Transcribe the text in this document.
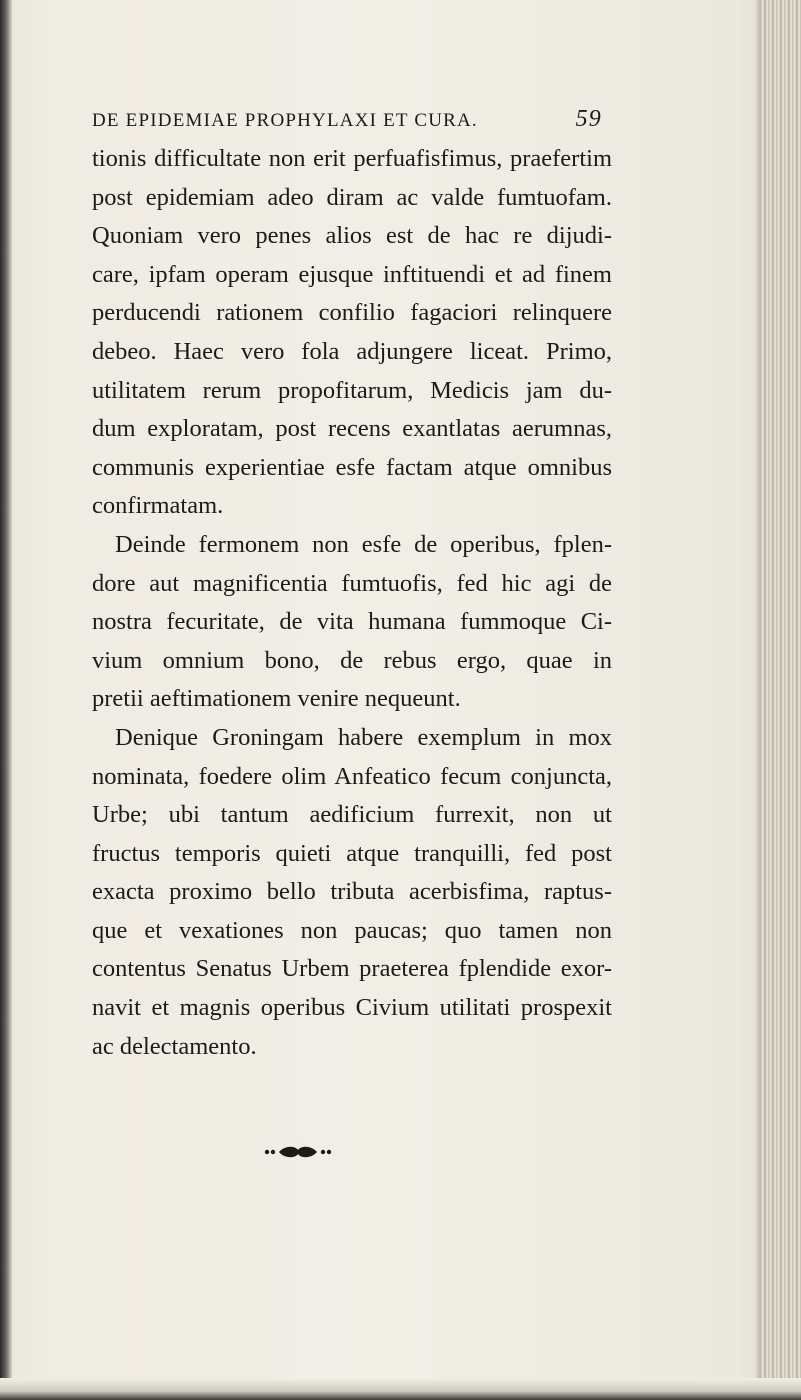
DE EPIDEMIAE PROPHYLAXI ET CURA.	59
tionis difficultate non erit perfuafisfimus, praefertim
post epidemiam adeo diram ac valde fumtuofam.
Quoniam vero penes alios est de hac re dijudi-
care, ipfam operam ejusque inftituendi et ad finem
perducendi rationem confilio fagaciori relinquere
debeo. Haec vero fola adjungere liceat. Primo,
utilitatem rerum propofitarum, Medicis jam du-
dum exploratam, post recens exantlatas aerumnas,
communis experientiae esfe factam atque omnibus
confirmatam.
Deinde fermonem non esfe de operibus, fplen-
dore aut magnificentia fumtuofis, fed hic agi de
nostra fecuritate, de vita humana fummoque Ci-
vium omnium bono, de rebus ergo, quae in
pretii aeftimationem venire nequeunt.
Denique Groningam habere exemplum in mox
nominata, foedere olim Anfeatico fecum conjuncta,
Urbe; ubi tantum aedificium furrexit, non ut
fructus temporis quieti atque tranquilli, fed post
exacta proximo bello tributa acerbisfima, raptus-
que et vexationes non paucas; quo tamen non
contentus Senatus Urbem praeterea fplendide exor-
navit et magnis operibus Civium utilitati prospexit
ac delectamento.
